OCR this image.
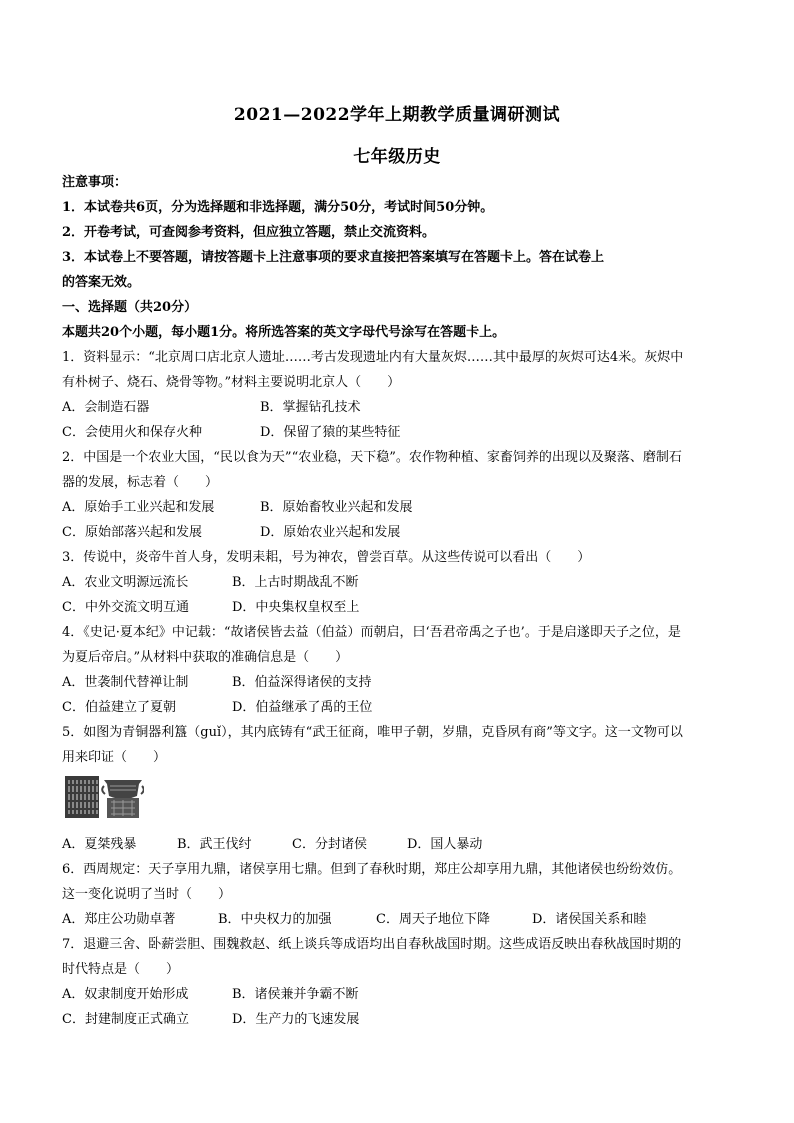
2021—2022学年上期教学质量调研测试
七年级历史
注意事项：
1．本试卷共6页，分为选择题和非选择题，满分50分，考试时间50分钟。
2．开卷考试，可查阅参考资料，但应独立答题，禁止交流资料。
3．本试卷上不要答题，请按答题卡上注意事项的要求直接把答案填写在答题卡上。答在试卷上
的答案无效。
一、选择题（共20分）
本题共20个小题，每小题1分。将所选答案的英文字母代号涂写在答题卡上。
1．资料显示：“北京周口店北京人遗址……考古发现遗址内有大量灰烬……其中最厚的灰烬可达4米。灰烬中
有朴树子、烧石、烧骨等物。”材料主要说明北京人（　　）
A．会制造石器	B．掌握钻孔技术
C．会使用火和保存火种	D．保留了猿的某些特征
2．中国是一个农业大国，“民以食为天”“农业稳，天下稳”。农作物种植、家畜饲养的出现以及聚落、磨制石
器的发展，标志着（　　）
A．原始手工业兴起和发展	B．原始畜牧业兴起和发展
C．原始部落兴起和发展	D．原始农业兴起和发展
3．传说中，炎帝牛首人身，发明耒耜，号为神农，曾尝百草。从这些传说可以看出（　　）
A．农业文明源远流长	B．上古时期战乱不断
C．中外交流文明互通	D．中央集权皇权至上
4．《史记·夏本纪》中记载：“故诸侯皆去益（伯益）而朝启，曰‘吾君帝禹之子也’。于是启遂即天子之位，是
为夏后帝启。”从材料中获取的准确信息是（　　）
A．世袭制代替禅让制	B．伯益深得诸侯的支持
C．伯益建立了夏朝	D．伯益继承了禹的王位
5．如图为青铜器利簋（guǐ），其内底铸有“武王征商，唯甲子朝，岁鼎，克昏夙有商”等文字。这一文物可以
用来印证（　　）
A．夏桀残暴	B．武王伐纣	C．分封诸侯	D．国人暴动
6．西周规定：天子享用九鼎，诸侯享用七鼎。但到了春秋时期，郑庄公却享用九鼎，其他诸侯也纷纷效仿。
这一变化说明了当时（　　）
A．郑庄公功勋卓著	B．中央权力的加强	C．周天子地位下降	D．诸侯国关系和睦
7．退避三舍、卧薪尝胆、围魏救赵、纸上谈兵等成语均出自春秋战国时期。这些成语反映出春秋战国时期的
时代特点是（　　）
A．奴隶制度开始形成	B．诸侯兼并争霸不断
C．封建制度正式确立	D．生产力的飞速发展
